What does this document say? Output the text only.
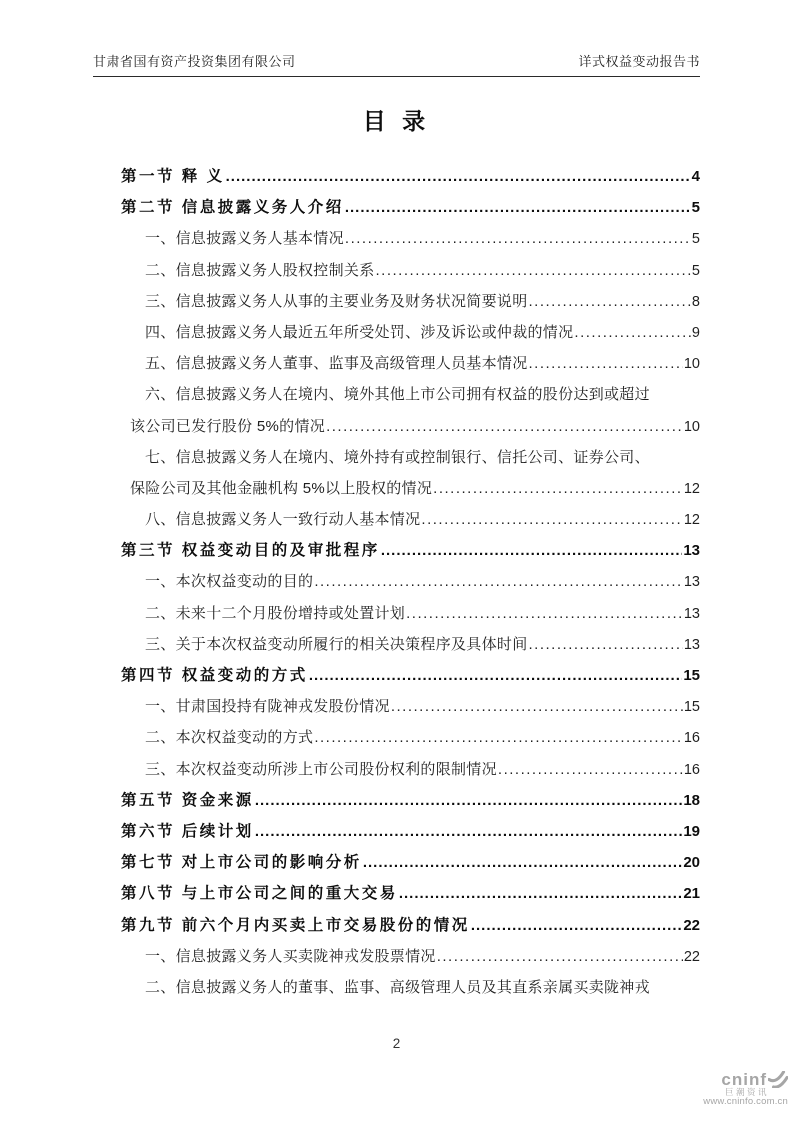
甘肃省国有资产投资集团有限公司	详式权益变动报告书
目 录
第一节 释 义 .....	4
第二节 信息披露义务人介绍 .....	5
一、信息披露义务人基本情况 .....	5
二、信息披露义务人股权控制关系 .....	5
三、信息披露义务人从事的主要业务及财务状况简要说明 .....	8
四、信息披露义务人最近五年所受处罚、涉及诉讼或仲裁的情况 .....	9
五、信息披露义务人董事、监事及高级管理人员基本情况 .....	10
六、信息披露义务人在境内、境外其他上市公司拥有权益的股份达到或超过
该公司已发行股份 5%的情况 .....	10
七、信息披露义务人在境内、境外持有或控制银行、信托公司、证券公司、
保险公司及其他金融机构 5%以上股权的情况 .....	12
八、信息披露义务人一致行动人基本情况 .....	12
第三节 权益变动目的及审批程序 .....	13
一、本次权益变动的目的 .....	13
二、未来十二个月股份增持或处置计划 .....	13
三、关于本次权益变动所履行的相关决策程序及具体时间 .....	13
第四节 权益变动的方式 .....	15
一、甘肃国投持有陇神戎发股份情况 .....	15
二、本次权益变动的方式 .....	16
三、本次权益变动所涉上市公司股份权利的限制情况 .....	16
第五节 资金来源 .....	18
第六节 后续计划 .....	19
第七节 对上市公司的影响分析 .....	20
第八节 与上市公司之间的重大交易 .....	21
第九节 前六个月内买卖上市交易股份的情况 .....	22
一、信息披露义务人买卖陇神戎发股票情况 .....	22
二、信息披露义务人的董事、监事、高级管理人员及其直系亲属买卖陇神戎
2
cninf
巨潮资讯
www.cninfo.com.cn
